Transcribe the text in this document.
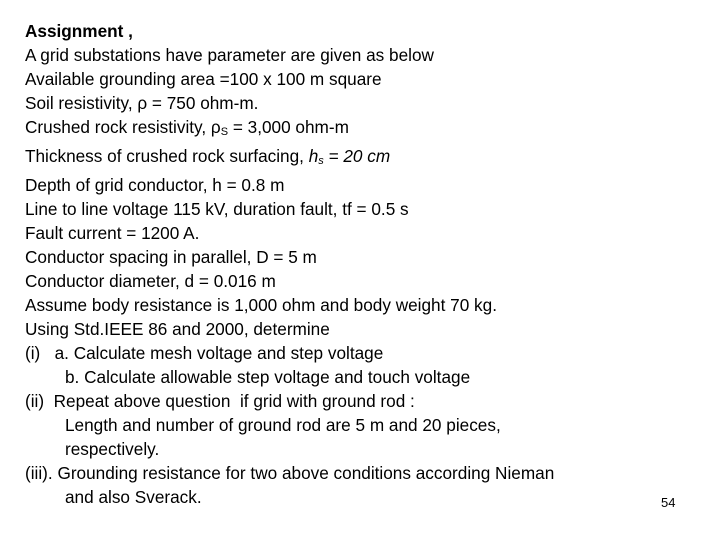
Assignment ,
A grid substations have parameter are given as below
Available grounding area =100 x 100 m square
Soil resistivity, ρ = 750 ohm-m.
Crushed rock resistivity, ρS = 3,000 ohm-m
Thickness of crushed rock surfacing, hs = 20 cm
Depth of grid conductor, h = 0.8 m
Line to line voltage 115 kV, duration fault, tf = 0.5 s
Fault current = 1200 A.
Conductor spacing in parallel, D = 5 m
Conductor diameter, d = 0.016 m
Assume body resistance is 1,000 ohm and body weight 70 kg.
Using Std.IEEE 86 and 2000, determine
(i)   a. Calculate mesh voltage and step voltage
b. Calculate allowable step voltage and touch voltage
(ii)  Repeat above question  if grid with ground rod :
Length and number of ground rod are 5 m and 20 pieces,
respectively.
(iii). Grounding resistance for two above conditions according Nieman
and also Sverack.	54
